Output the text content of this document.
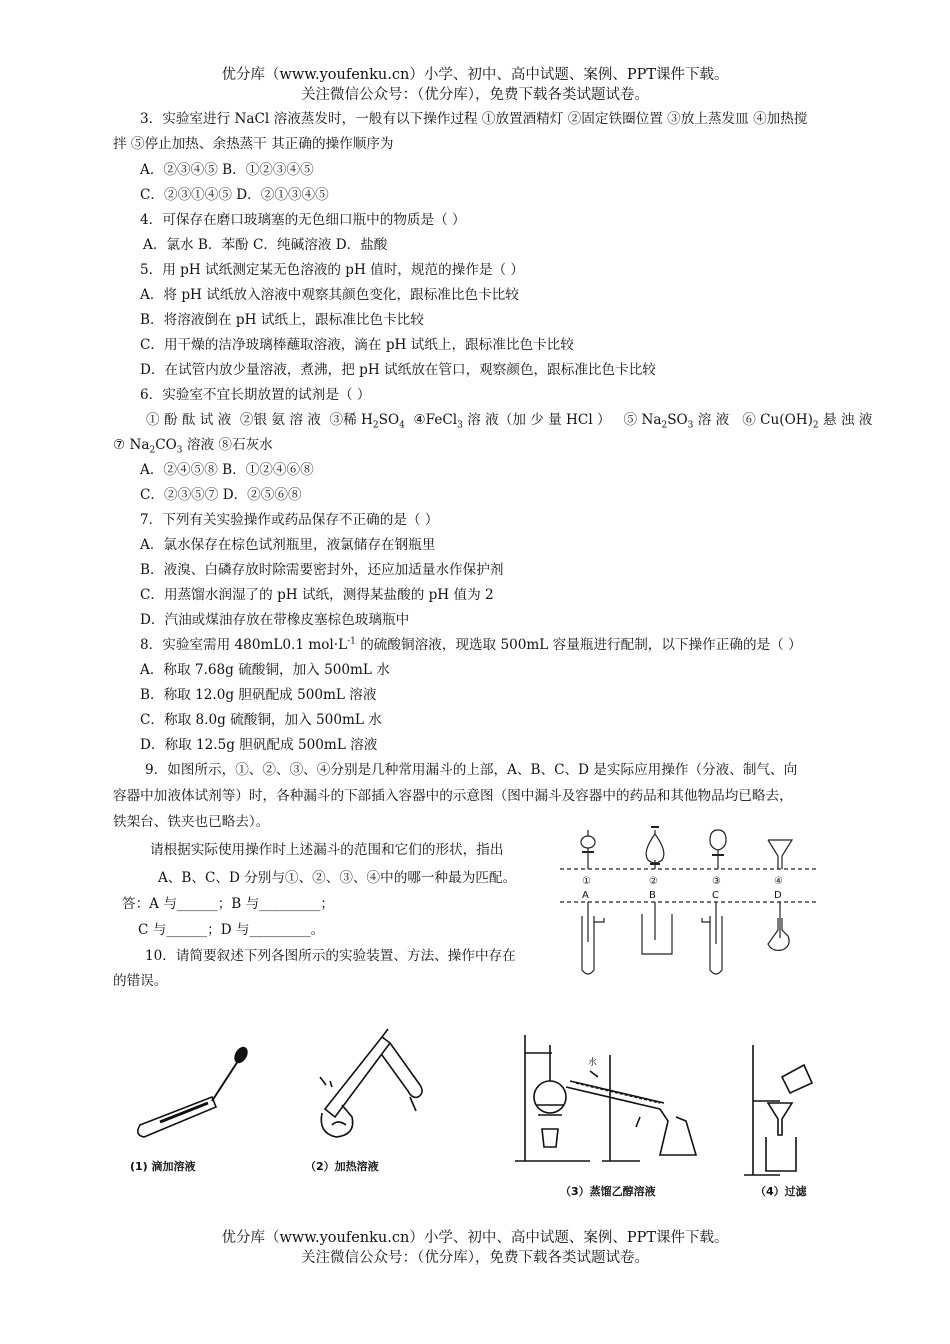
优分库（www.youfenku.cn）小学、初中、高中试题、案例、PPT课件下载。
关注微信公众号：（优分库），免费下载各类试题试卷。
3．实验室进行 NaCl 溶液蒸发时，一般有以下操作过程 ①放置酒精灯 ②固定铁圈位置 ③放上蒸发皿 ④加热搅
拌 ⑤停止加热、余热蒸干 其正确的操作顺序为
A．②③④⑤ B．①②③④⑤
C．②③①④⑤ D．②①③④⑤
4．可保存在磨口玻璃塞的无色细口瓶中的物质是（ ）
A．氯水 B．苯酚 C．纯碱溶液 D．盐酸
5．用 pH 试纸测定某无色溶液的 pH 值时，规范的操作是（ ）
A．将 pH 试纸放入溶液中观察其颜色变化，跟标准比色卡比较
B．将溶液倒在 pH 试纸上，跟标准比色卡比较
C．用干燥的洁净玻璃棒蘸取溶液，滴在 pH 试纸上，跟标准比色卡比较
D．在试管内放少量溶液，煮沸，把 pH 试纸放在管口，观察颜色，跟标准比色卡比较
6．实验室不宜长期放置的试剂是（ ）
① 酚 酞 试 液 ②银 氨 溶 液 ③稀 $H_2SO_4$ ④FeCl$_3$ 溶 液（加 少 量 HCl ） ⑤ $Na_2SO_3$ 溶 液 ⑥ $Cu(OH)_2$ 悬 浊 液
⑦ $Na_2CO_3$ 溶液 ⑧石灰水
A．②④⑤⑧ B．①②④⑥⑧
C．②③⑤⑦ D．②⑤⑥⑧
7．下列有关实验操作或药品保存不正确的是（ ）
A．氯水保存在棕色试剂瓶里，液氯储存在钢瓶里
B．液溴、白磷存放时除需要密封外，还应加适量水作保护剂
C．用蒸馏水润湿了的 pH 试纸，测得某盐酸的 pH 值为 2
D．汽油或煤油存放在带橡皮塞棕色玻璃瓶中
8．实验室需用 480mL0.1 $mol\cdot L^{-1}$ 的硫酸铜溶液，现选取 500mL 容量瓶进行配制，以下操作正确的是（ ）
A．称取 7.68g 硫酸铜，加入 500mL 水
B．称取 12.0g 胆矾配成 500mL 溶液
C．称取 8.0g 硫酸铜，加入 500mL 水
D．称取 12.5g 胆矾配成 500mL 溶液
9．如图所示，①、②、③、④分别是几种常用漏斗的上部，A、B、C、D 是实际应用操作（分液、制气、向
容器中加液体试剂等）时，各种漏斗的下部插入容器中的示意图（图中漏斗及容器中的药品和其他物品均已略去，
铁架台、铁夹也已略去）。
请根据实际使用操作时上述漏斗的范围和它们的形状，指出
A、B、C、D 分别与①、②、③、④中的哪一种最为匹配。
答：A 与______；B 与_________；
C 与______；D 与_________。
①	②	③	④
A	B	C	D
10．请简要叙述下列各图所示的实验装置、方法、操作中存在
的错误。
(1) 滴加溶液	（2）加热溶液
（3）蒸馏乙醇溶液	（4）过滤
水
优分库（www.youfenku.cn）小学、初中、高中试题、案例、PPT课件下载。
关注微信公众号：（优分库），免费下载各类试题试卷。
